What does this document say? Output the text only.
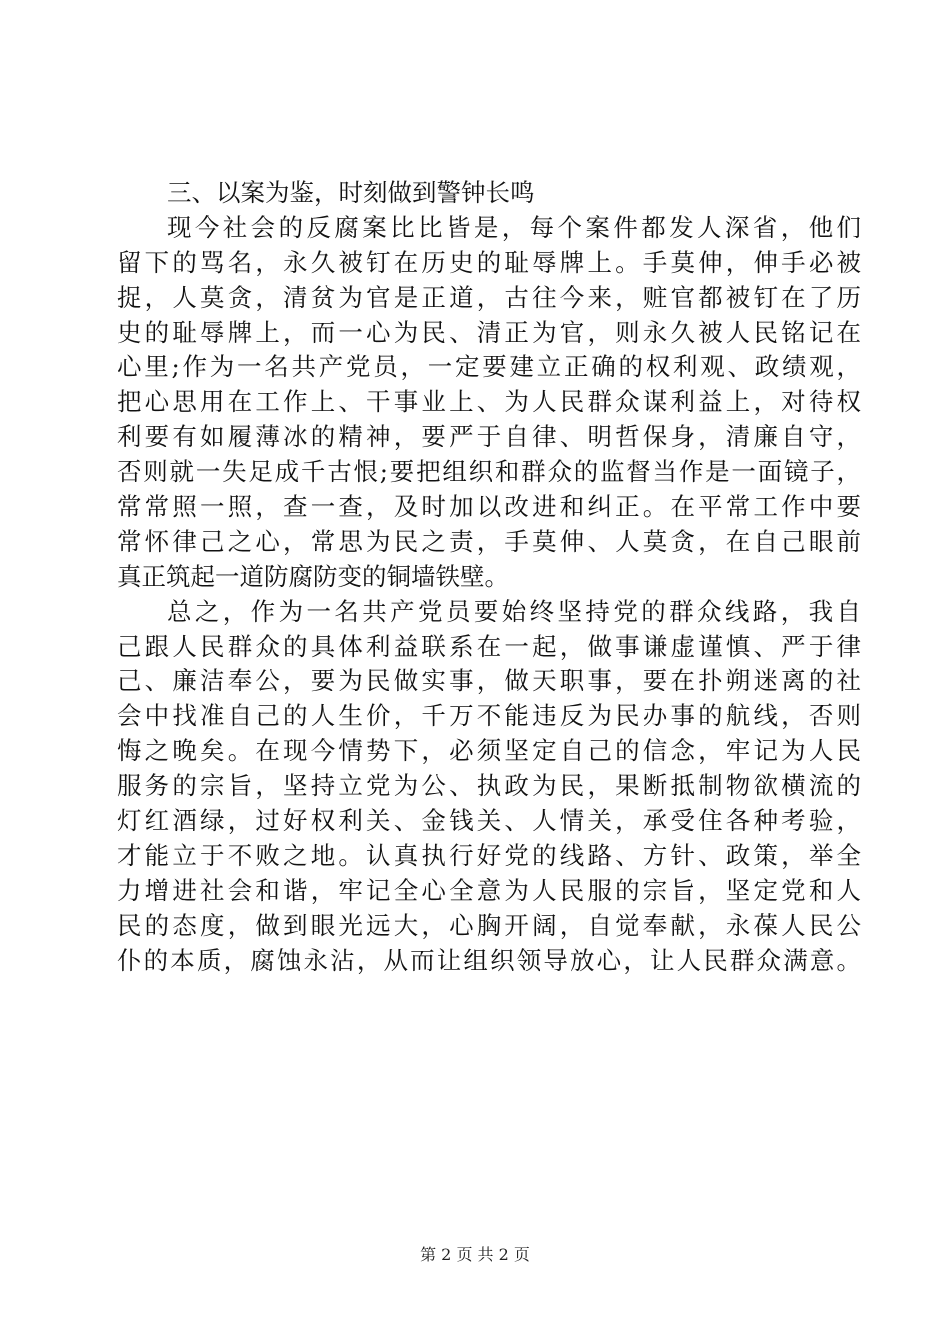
三、以案为鉴，时刻做到警钟长鸣
现今社会的反腐案比比皆是，每个案件都发人深省，他们
留下的骂名，永久被钉在历史的耻辱牌上。手莫伸，伸手必被
捉，人莫贪，清贫为官是正道，古往今来，赃官都被钉在了历
史的耻辱牌上，而一心为民、清正为官，则永久被人民铭记在
心里;作为一名共产党员，一定要建立正确的权利观、政绩观，
把心思用在工作上、干事业上、为人民群众谋利益上，对待权
利要有如履薄冰的精神，要严于自律、明哲保身，清廉自守，
否则就一失足成千古恨;要把组织和群众的监督当作是一面镜子，
常常照一照，查一查，及时加以改进和纠正。在平常工作中要
常怀律己之心，常思为民之责，手莫伸、人莫贪，在自己眼前
真正筑起一道防腐防变的铜墙铁壁。
总之，作为一名共产党员要始终坚持党的群众线路，我自
己跟人民群众的具体利益联系在一起，做事谦虚谨慎、严于律
己、廉洁奉公，要为民做实事，做天职事，要在扑朔迷离的社
会中找准自己的人生价，千万不能违反为民办事的航线，否则
悔之晚矣。在现今情势下，必须坚定自己的信念，牢记为人民
服务的宗旨，坚持立党为公、执政为民，果断抵制物欲横流的
灯红酒绿，过好权利关、金钱关、人情关，承受住各种考验，
才能立于不败之地。认真执行好党的线路、方针、政策，举全
力增进社会和谐，牢记全心全意为人民服的宗旨，坚定党和人
民的态度，做到眼光远大，心胸开阔，自觉奉献，永葆人民公
仆的本质，腐蚀永沾，从而让组织领导放心，让人民群众满意。
第 2 页 共 2 页
